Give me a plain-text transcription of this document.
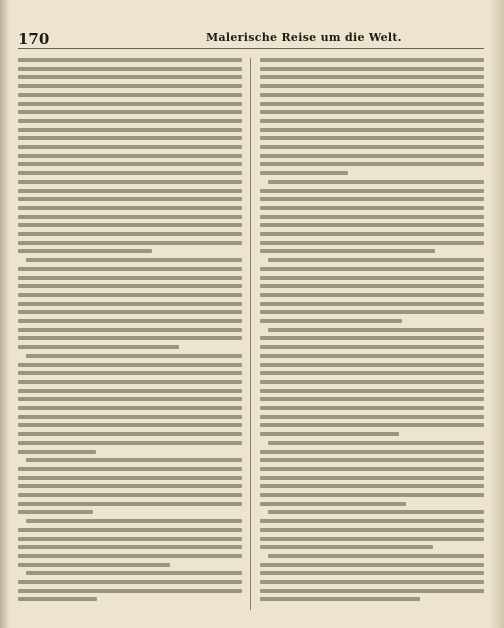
170	Malerische Reise um die Welt.
